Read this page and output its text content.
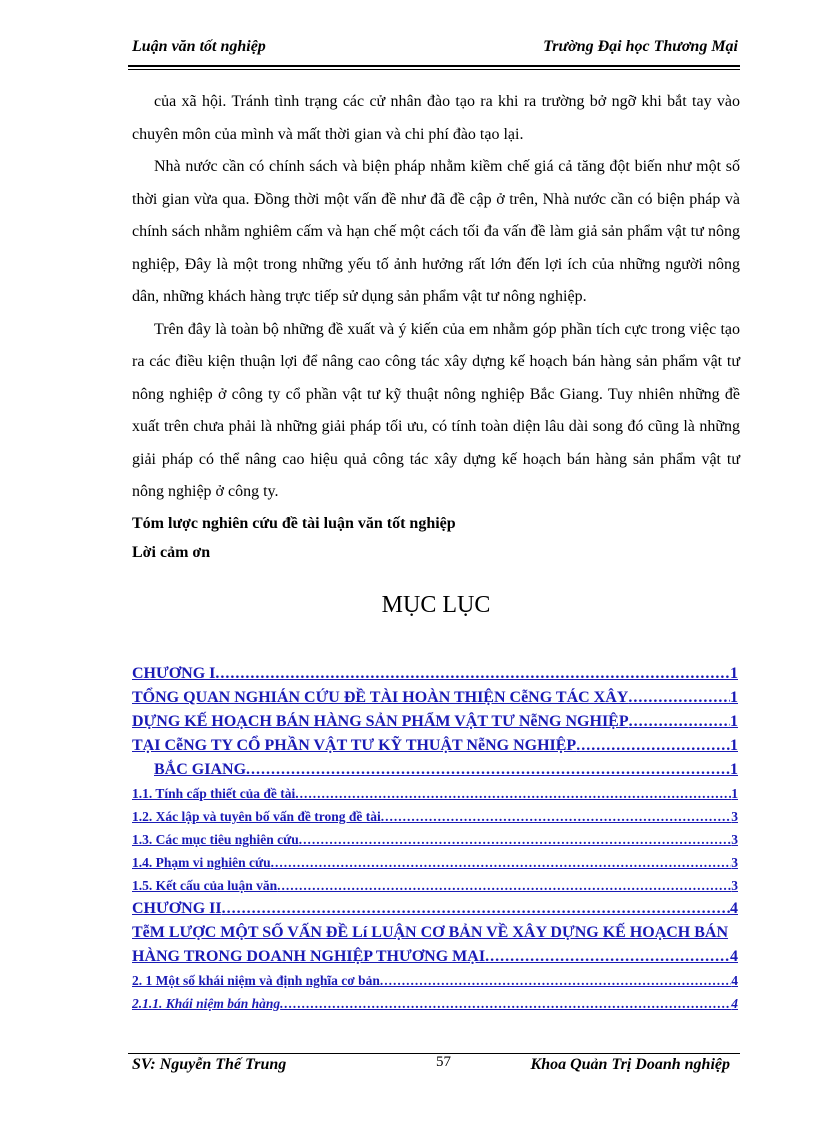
Luận văn tốt nghiệp	Trường Đại học Thương Mại

của xã hội. Tránh tình trạng các cử nhân đào tạo ra khi ra trường bở ngỡ khi bắt tay vào chuyên môn của mình và mất thời gian và chi phí đào tạo lại.

Nhà nước cần có chính sách và biện pháp nhằm kiềm chế giá cả tăng đột biến như một số thời gian vừa qua. Đồng thời một vấn đề như đã đề cập ở trên, Nhà nước cần có biện pháp và chính sách nhằm nghiêm cấm và hạn chế một cách tối đa vấn đề làm giả sản phẩm vật tư nông nghiệp, Đây là một trong những yếu tố ảnh hưởng rất lớn đến lợi ích của những người nông dân, những khách hàng trực tiếp sử dụng sản phẩm vật tư nông nghiệp.

Trên đây là toàn bộ những đề xuất và ý kiến của em nhằm góp phần tích cực trong việc tạo ra các điều kiện thuận lợi để nâng cao công tác xây dựng kế hoạch bán hàng sản phẩm vật tư nông nghiệp ở công ty cổ phần vật tư kỹ thuật nông nghiệp Bắc Giang. Tuy nhiên những đề xuất trên chưa phải là những giải pháp tối ưu, có tính toàn diện lâu dài song đó cũng là những giải pháp có thể nâng cao hiệu quả công tác xây dựng kế hoạch bán hàng sản phẩm vật tư nông nghiệp ở công ty.

Tóm lược nghiên cứu đề tài luận văn tốt nghiệp

Lời cảm ơn

MỤC LỤC
CHƯƠNG I .....	1
TỔNG QUAN NGHIÁN CỨU ĐỀ TÀI HOÀN THIỆN CễNG TÁC XÂY .....	1
DỰNG KẾ HOẠCH BÁN HÀNG SẢN PHẨM VẬT TƯ NễNG NGHIỆP .....	1
TẠI CễNG TY CỔ PHẦN VẬT TƯ KỸ THUẬT NễNG NGHIỆP .....	1
BẮC GIANG .....	1
1.1. Tính cấp thiết của đề tài .....	1
1.2. Xác lập và tuyên bố vấn đề trong đề tài .....	3
1.3. Các mục tiêu nghiên cứu .....	3
1.4. Phạm vi nghiên cứu .....	3
1.5. Kết cấu của luận văn .....	3
CHƯƠNG II .....	4
TễM LƯỢC MỘT SỐ VẤN ĐỀ Lí LUẬN CƠ BẢN VỀ XÂY DỰNG KẾ HOẠCH BÁN
HÀNG TRONG DOANH NGHIỆP THƯƠNG MẠI .....	4
2. 1 Một số khái niệm và định nghĩa cơ bản .....	4
2.1.1. Khái niệm bán hàng .....	4
SV: Nguyễn Thế Trung	57	Khoa Quản Trị Doanh nghiệp
